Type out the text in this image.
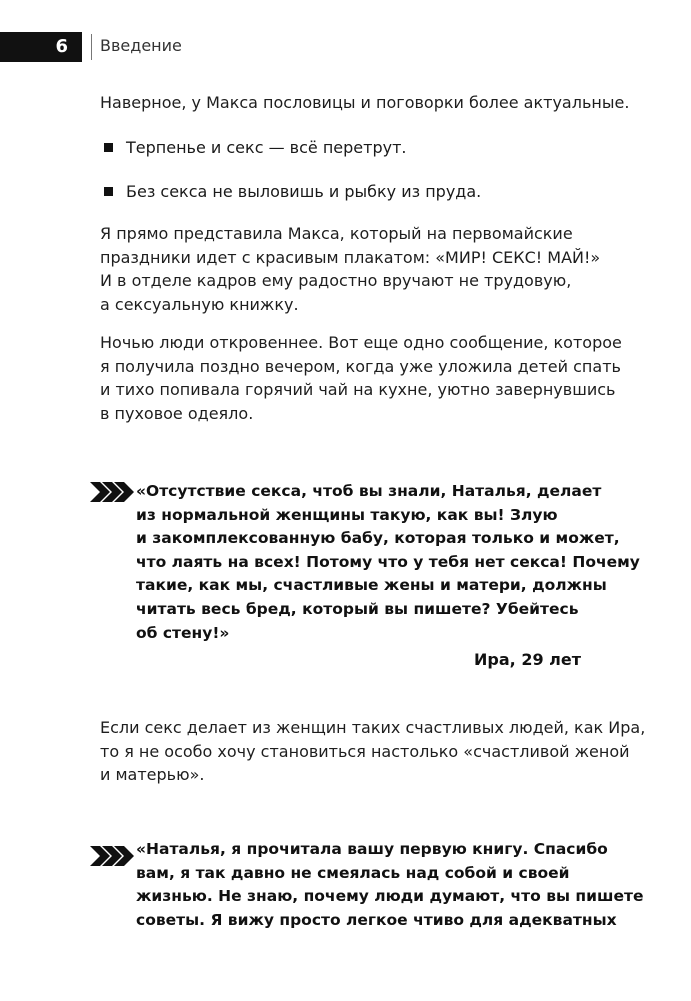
6	Введение
Наверное, у Макса пословицы и поговорки более актуальные.
Терпенье и секс — всё перетрут.
Без секса не выловишь и рыбку из пруда.
Я прямо представила Макса, который на первомайские
праздники идет с красивым плакатом: «МИР! СЕКС! МАЙ!»
И в отделе кадров ему радостно вручают не трудовую,
а сексуальную книжку.
Ночью люди откровеннее. Вот еще одно сообщение, которое
я получила поздно вечером, когда уже уложила детей спать
и тихо попивала горячий чай на кухне, уютно завернувшись
в пуховое одеяло.
«Отсутствие секса, чтоб вы знали, Наталья, делает
из нормальной женщины такую, как вы! Злую
и закомплексованную бабу, которая только и может,
что лаять на всех! Потому что у тебя нет секса! Почему
такие, как мы, счастливые жены и матери, должны
читать весь бред, который вы пишете? Убейтесь
об стену!»
Ира, 29 лет
Если секс делает из женщин таких счастливых людей, как Ира,
то я не особо хочу становиться настолько «счастливой женой
и матерью».
«Наталья, я прочитала вашу первую книгу. Спасибо
вам, я так давно не смеялась над собой и своей
жизнью. Не знаю, почему люди думают, что вы пишете
советы. Я вижу просто легкое чтиво для адекватных
